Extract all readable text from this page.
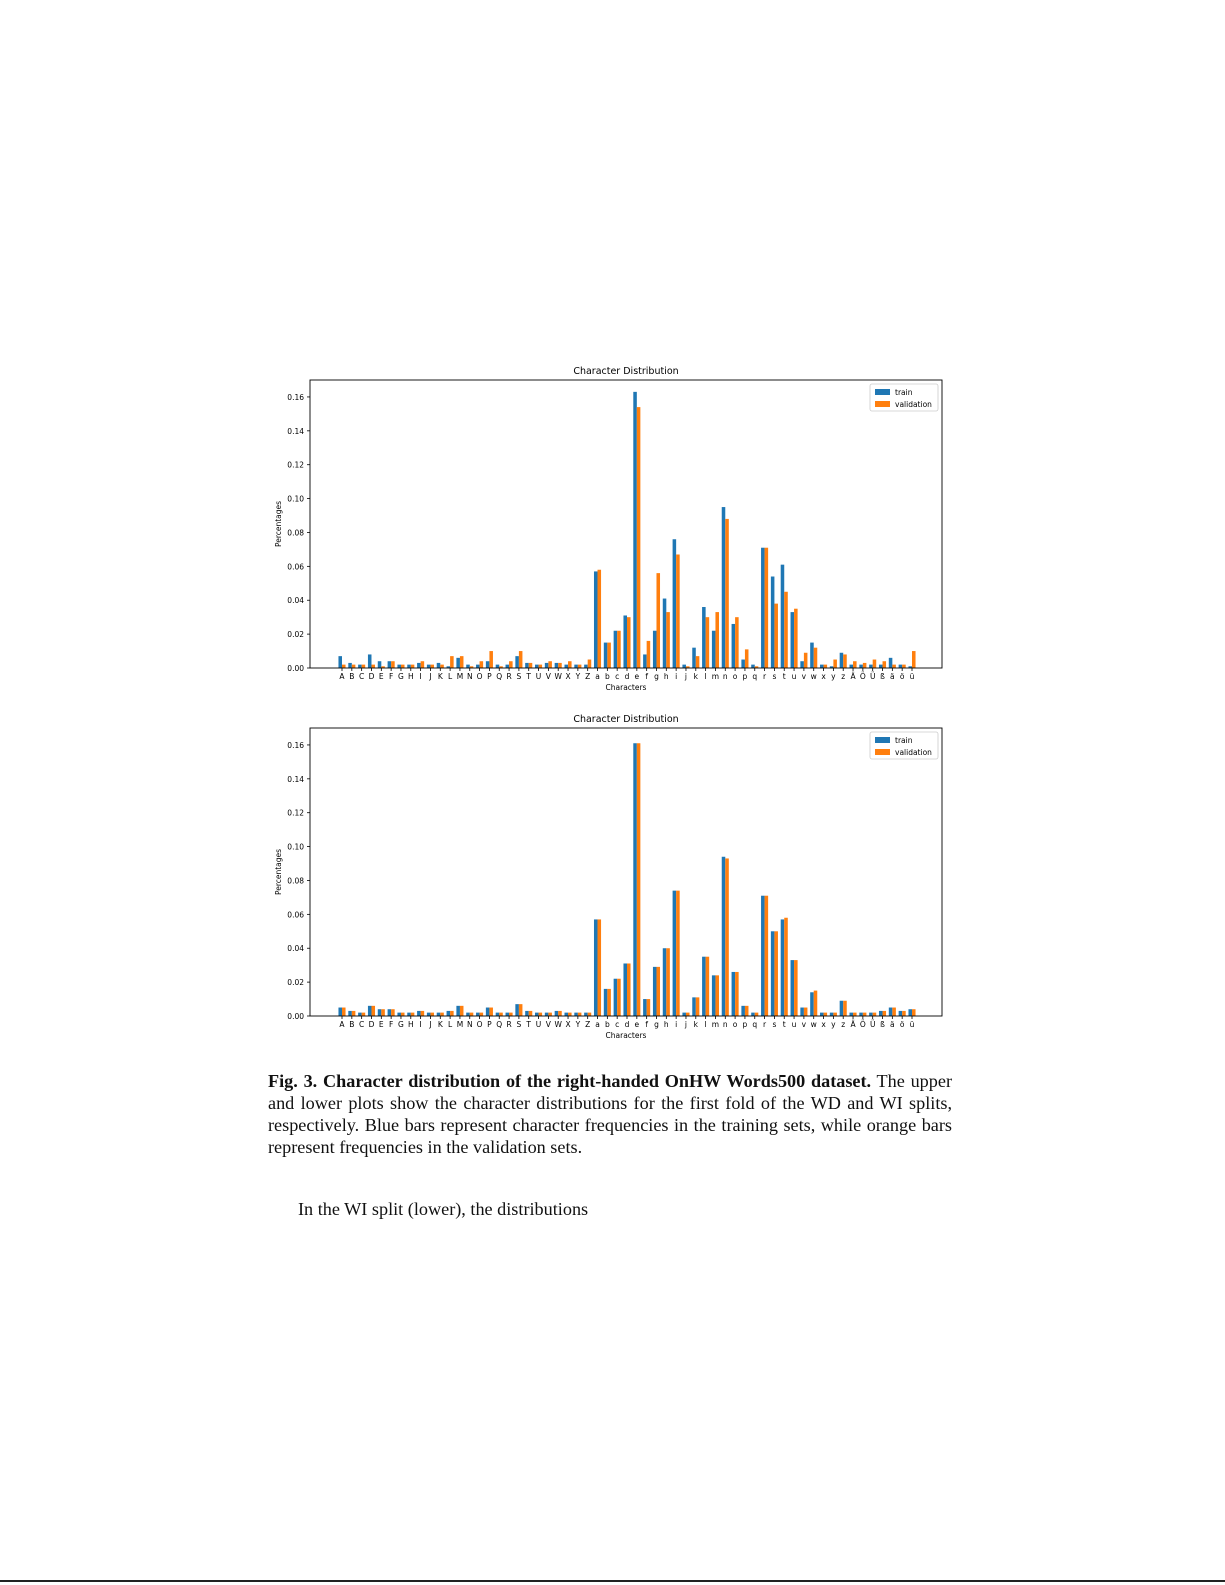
Character Distribution
0.00
0.02
0.04
0.06
0.08
0.10
0.12
0.14
0.16
Percentages
A B C D E F G H I J K L M N O P Q R S T U V W X Y Z a b c d e f g h i j k l m n o p q r s t u v w x y z Ä Ö Ü ß ä ö ü
Characters
train
validation
Character Distribution
0.00
0.02
0.04
0.06
0.08
0.10
0.12
0.14
0.16
Percentages
A B C D E F G H I J K L M N O P Q R S T U V W X Y Z a b c d e f g h i j k l m n o p q r s t u v w x y z Ä Ö Ü ß ä ö ü
Characters
train
validation
Fig. 3. Character distribution of the right-handed OnHW Words500 dataset. The upper and lower plots show the character distributions for the first fold of the WD and WI splits, respectively. Blue bars represent character frequencies in the training sets, while orange bars represent frequencies in the validation sets.
In the WI split (lower), the distributions
